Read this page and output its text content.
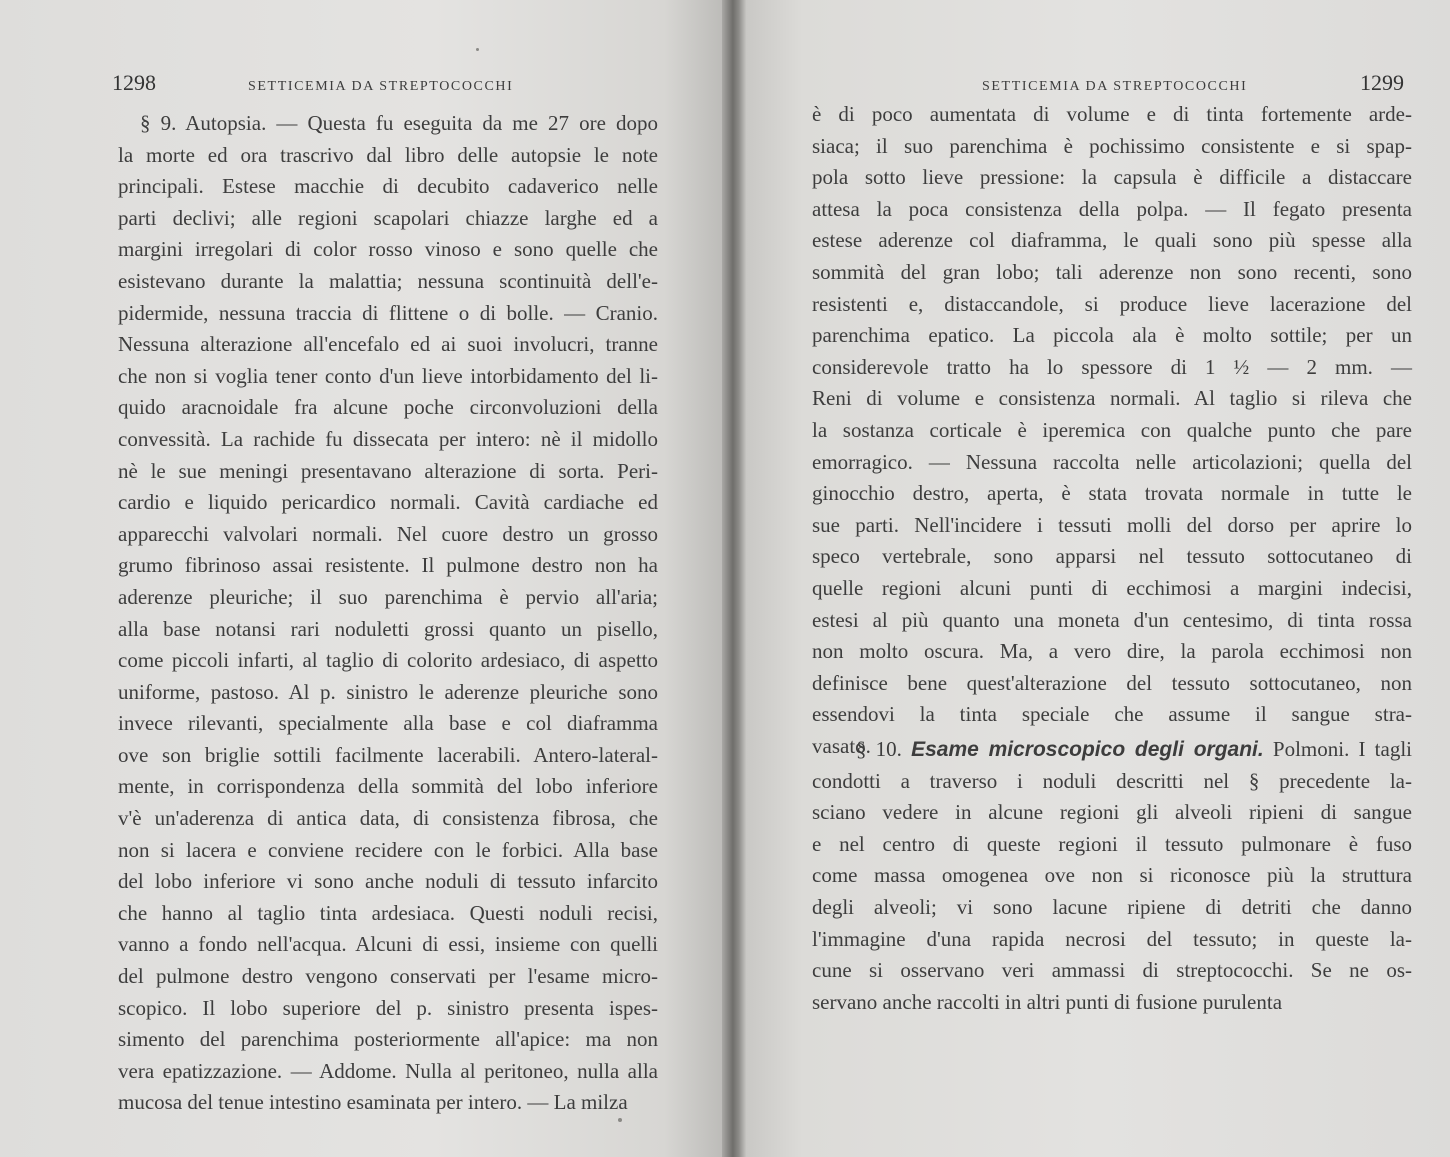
1298	SETTICEMIA DA STREPTOCOCCHI
§ 9. Autopsia. — Questa fu eseguita da me 27 ore dopo
la morte ed ora trascrivo dal libro delle autopsie le note
principali. Estese macchie di decubito cadaverico nelle
parti declivi; alle regioni scapolari chiazze larghe ed a
margini irregolari di color rosso vinoso e sono quelle che
esistevano durante la malattia; nessuna scontinuità dell'e-
pidermide, nessuna traccia di flittene o di bolle. — Cranio.
Nessuna alterazione all'encefalo ed ai suoi involucri, tranne
che non si voglia tener conto d'un lieve intorbidamento del li-
quido aracnoidale fra alcune poche circonvoluzioni della
convessità. La rachide fu dissecata per intero: nè il midollo
nè le sue meningi presentavano alterazione di sorta. Peri-
cardio e liquido pericardico normali. Cavità cardiache ed
apparecchi valvolari normali. Nel cuore destro un grosso
grumo fibrinoso assai resistente. Il pulmone destro non ha
aderenze pleuriche; il suo parenchima è pervio all'aria;
alla base notansi rari noduletti grossi quanto un pisello,
come piccoli infarti, al taglio di colorito ardesiaco, di aspetto
uniforme, pastoso. Al p. sinistro le aderenze pleuriche sono
invece rilevanti, specialmente alla base e col diaframma
ove son briglie sottili facilmente lacerabili. Antero-lateral-
mente, in corrispondenza della sommità del lobo inferiore
v'è un'aderenza di antica data, di consistenza fibrosa, che
non si lacera e conviene recidere con le forbici. Alla base
del lobo inferiore vi sono anche noduli di tessuto infarcito
che hanno al taglio tinta ardesiaca. Questi noduli recisi,
vanno a fondo nell'acqua. Alcuni di essi, insieme con quelli
del pulmone destro vengono conservati per l'esame micro-
scopico. Il lobo superiore del p. sinistro presenta ispes-
simento del parenchima posteriormente all'apice: ma non
vera epatizzazione. — Addome. Nulla al peritoneo, nulla alla
mucosa del tenue intestino esaminata per intero. — La milza
SETTICEMIA DA STREPTOCOCCHI	1299
è di poco aumentata di volume e di tinta fortemente arde-
siaca; il suo parenchima è pochissimo consistente e si spap-
pola sotto lieve pressione: la capsula è difficile a distaccare
attesa la poca consistenza della polpa. — Il fegato presenta
estese aderenze col diaframma, le quali sono più spesse alla
sommità del gran lobo; tali aderenze non sono recenti, sono
resistenti e, distaccandole, si produce lieve lacerazione del
parenchima epatico. La piccola ala è molto sottile; per un
considerevole tratto ha lo spessore di 1 ½ — 2 mm. —
Reni di volume e consistenza normali. Al taglio si rileva che
la sostanza corticale è iperemica con qualche punto che pare
emorragico. — Nessuna raccolta nelle articolazioni; quella del
ginocchio destro, aperta, è stata trovata normale in tutte le
sue parti. Nell'incidere i tessuti molli del dorso per aprire lo
speco vertebrale, sono apparsi nel tessuto sottocutaneo di
quelle regioni alcuni punti di ecchimosi a margini indecisi,
estesi al più quanto una moneta d'un centesimo, di tinta rossa
non molto oscura. Ma, a vero dire, la parola ecchimosi non
definisce bene quest'alterazione del tessuto sottocutaneo, non
essendovi la tinta speciale che assume il sangue stra-
vasato.
§ 10. Esame microscopico degli organi. Polmoni. I tagli
condotti a traverso i noduli descritti nel § precedente la-
sciano vedere in alcune regioni gli alveoli ripieni di sangue
e nel centro di queste regioni il tessuto pulmonare è fuso
come massa omogenea ove non si riconosce più la struttura
degli alveoli; vi sono lacune ripiene di detriti che danno
l'immagine d'una rapida necrosi del tessuto; in queste la-
cune si osservano veri ammassi di streptococchi. Se ne os-
servano anche raccolti in altri punti di fusione purulenta
